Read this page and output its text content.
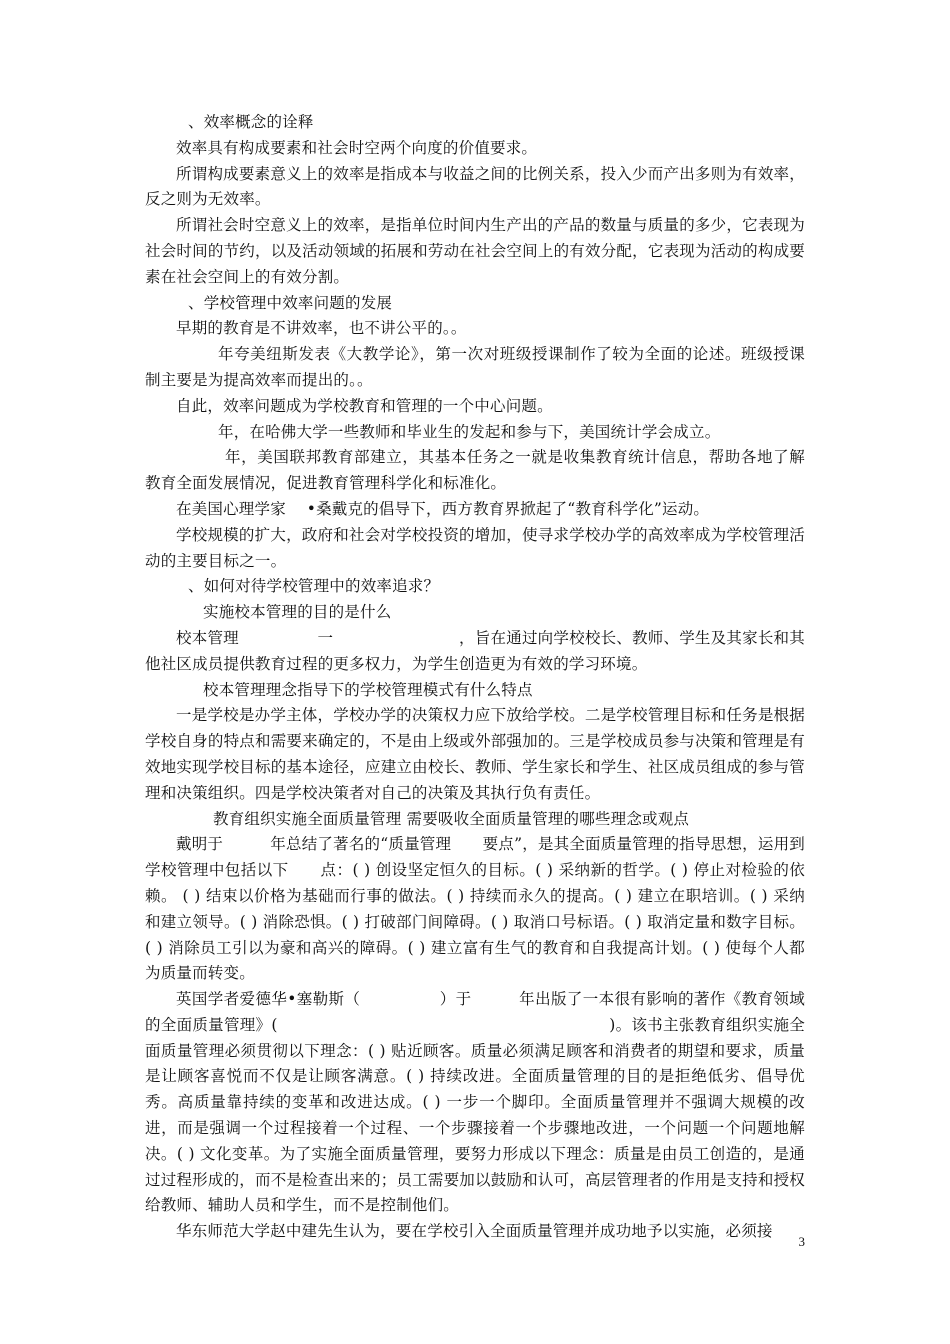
、效率概念的诠释

效率具有构成要素和社会时空两个向度的价值要求。

所谓构成要素意义上的效率是指成本与收益之间的比例关系，投入少而产出多则为有效率，反之则为无效率。

所谓社会时空意义上的效率，是指单位时间内生产出的产品的数量与质量的多少，它表现为社会时间的节约，以及活动领域的拓展和劳动在社会空间上的有效分配，它表现为活动的构成要素在社会空间上的有效分割。

、学校管理中效率问题的发展

早期的教育是不讲效率，也不讲公平的。。

年夸美纽斯发表《大教学论》，第一次对班级授课制作了较为全面的论述。班级授课制主要是为提高效率而提出的。。

自此，效率问题成为学校教育和管理的一个中心问题。

年，在哈佛大学一些教师和毕业生的发起和参与下，美国统计学会成立。

年，美国联邦教育部建立，其基本任务之一就是收集教育统计信息，帮助各地了解教育全面发展情况，促进教育管理科学化和标准化。

在美国心理学家　 •桑戴克的倡导下，西方教育界掀起了“教育科学化”运动。

学校规模的扩大，政府和社会对学校投资的增加，使寻求学校办学的高效率成为学校管理活动的主要目标之一。

、如何对待学校管理中的效率追求？

实施校本管理的目的是什么

校本管理　　　　　一　　　　　　　　，旨在通过向学校校长、教师、学生及其家长和其他社区成员提供教育过程的更多权力，为学生创造更为有效的学习环境。

校本管理理念指导下的学校管理模式有什么特点

一是学校是办学主体，学校办学的决策权力应下放给学校。二是学校管理目标和任务是根据学校自身的特点和需要来确定的，不是由上级或外部强加的。三是学校成员参与决策和管理是有效地实现学校目标的基本途径，应建立由校长、教师、学生家长和学生、社区成员组成的参与管理和决策组织。四是学校决策者对自己的决策及其执行负有责任。

教育组织实施全面质量管理 需要吸收全面质量管理的哪些理念或观点

戴明于　　　年总结了著名的“质量管理　　要点”，是其全面质量管理的指导思想，运用到学校管理中包括以下　　点：( ) 创设坚定恒久的目标。( ) 采纳新的哲学。( ) 停止对检验的依赖。 ( ) 结束以价格为基础而行事的做法。( ) 持续而永久的提高。( ) 建立在职培训。( ) 采纳和建立领导。( ) 消除恐惧。( ) 打破部门间障碍。( ) 取消口号标语。( ) 取消定量和数字目标。( ) 消除员工引以为豪和高兴的障碍。( ) 建立富有生气的教育和自我提高计划。( ) 使每个人都为质量而转变。

英国学者爱德华•塞勒斯（　　　　　）于　　　年出版了一本很有影响的著作《教育领域的全面质量管理》(　　　　　　　　　　　　　　　　　　　　　)。该书主张教育组织实施全面质量管理必须贯彻以下理念：( ) 贴近顾客。质量必须满足顾客和消费者的期望和要求，质量是让顾客喜悦而不仅是让顾客满意。( ) 持续改进。全面质量管理的目的是拒绝低劣、倡导优秀。高质量靠持续的变革和改进达成。( ) 一步一个脚印。全面质量管理并不强调大规模的改进，而是强调一个过程接着一个过程、一个步骤接着一个步骤地改进，一个问题一个问题地解决。( ) 文化变革。为了实施全面质量管理，要努力形成以下理念：质量是由员工创造的，是通过过程形成的，而不是检查出来的；员工需要加以鼓励和认可，高层管理者的作用是支持和授权给教师、辅助人员和学生，而不是控制他们。

华东师范大学赵中建先生认为，要在学校引入全面质量管理并成功地予以实施，必须接

3
